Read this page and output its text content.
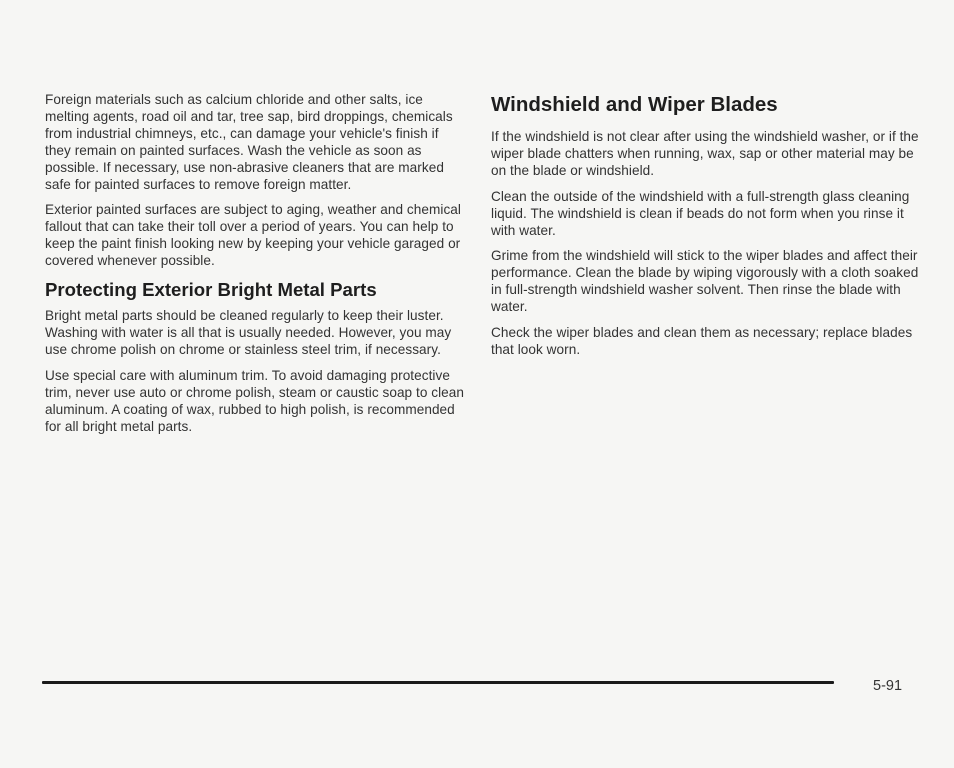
Foreign materials such as calcium chloride and other salts, ice melting agents, road oil and tar, tree sap, bird droppings, chemicals from industrial chimneys, etc., can damage your vehicle's finish if they remain on painted surfaces. Wash the vehicle as soon as possible. If necessary, use non-abrasive cleaners that are marked safe for painted surfaces to remove foreign matter.

Exterior painted surfaces are subject to aging, weather and chemical fallout that can take their toll over a period of years. You can help to keep the paint finish looking new by keeping your vehicle garaged or covered whenever possible.

Protecting Exterior Bright Metal Parts

Bright metal parts should be cleaned regularly to keep their luster. Washing with water is all that is usually needed. However, you may use chrome polish on chrome or stainless steel trim, if necessary.

Use special care with aluminum trim. To avoid damaging protective trim, never use auto or chrome polish, steam or caustic soap to clean aluminum. A coating of wax, rubbed to high polish, is recommended for all bright metal parts.

Windshield and Wiper Blades

If the windshield is not clear after using the windshield washer, or if the wiper blade chatters when running, wax, sap or other material may be on the blade or windshield.

Clean the outside of the windshield with a full-strength glass cleaning liquid. The windshield is clean if beads do not form when you rinse it with water.

Grime from the windshield will stick to the wiper blades and affect their performance. Clean the blade by wiping vigorously with a cloth soaked in full-strength windshield washer solvent. Then rinse the blade with water.

Check the wiper blades and clean them as necessary; replace blades that look worn.

5-91
